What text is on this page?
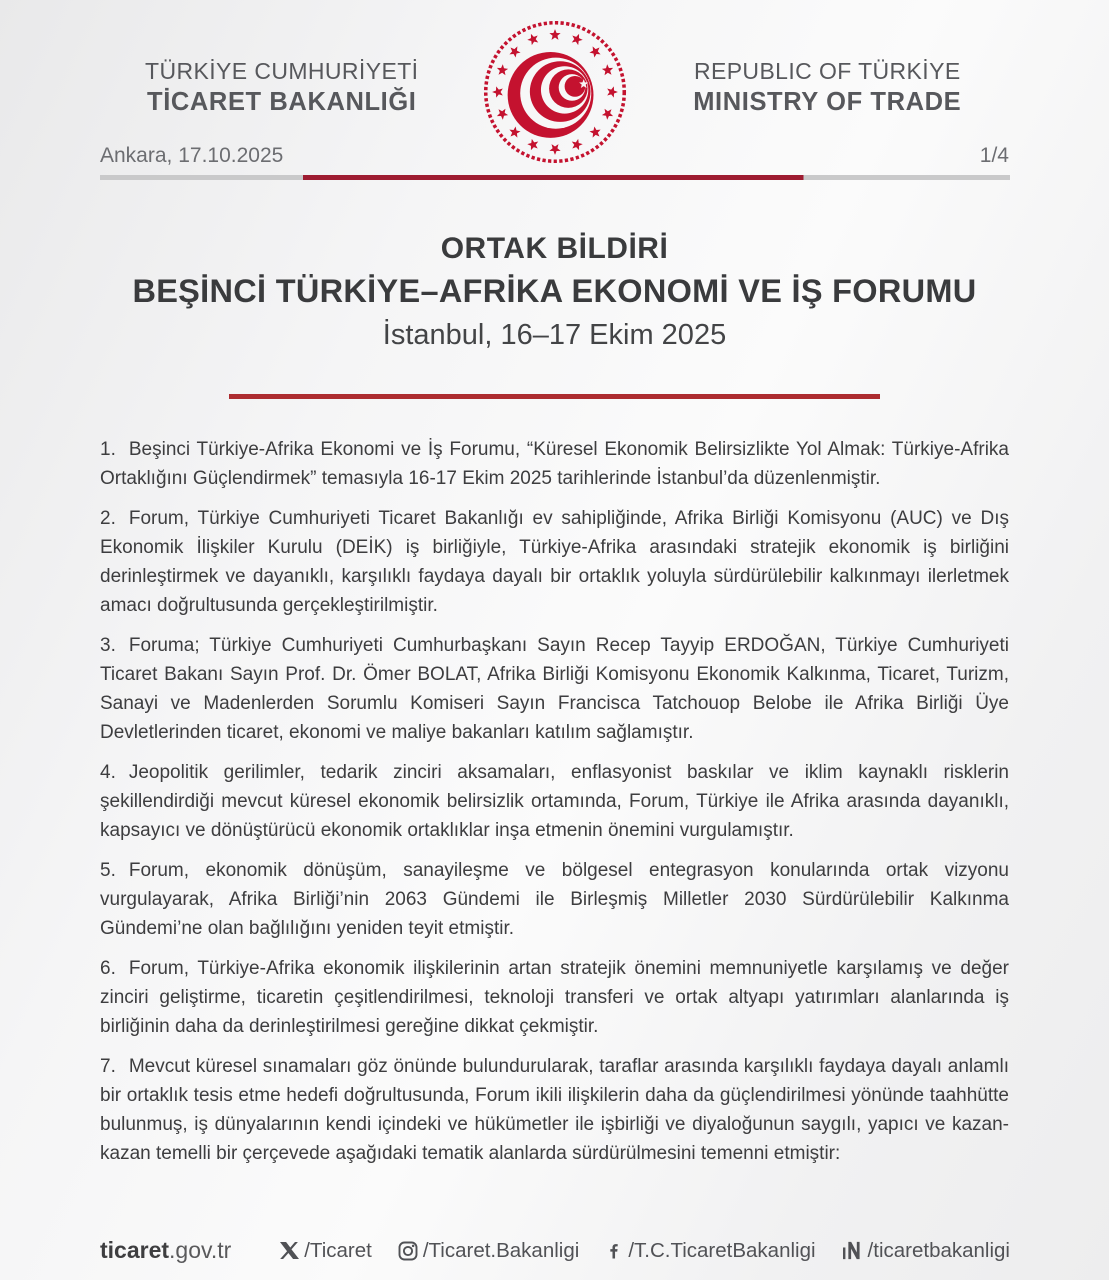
TÜRKİYE CUMHURİYETİ
TİCARET BAKANLIĞI
REPUBLIC OF TÜRKİYE
MINISTRY OF TRADE
Ankara, 17.10.2025	1/4
ORTAK BİLDİRİ
BEŞİNCİ TÜRKİYE–AFRİKA EKONOMİ VE İŞ FORUMU
İstanbul, 16–17 Ekim 2025

1. Beşinci Türkiye-Afrika Ekonomi ve İş Forumu, “Küresel Ekonomik Belirsizlikte Yol Almak: Türkiye-Afrika Ortaklığını Güçlendirmek” temasıyla 16-17 Ekim 2025 tarihlerinde İstanbul’da düzenlenmiştir.

2. Forum, Türkiye Cumhuriyeti Ticaret Bakanlığı ev sahipliğinde, Afrika Birliği Komisyonu (AUC) ve Dış Ekonomik İlişkiler Kurulu (DEİK) iş birliğiyle, Türkiye-Afrika arasındaki stratejik ekonomik iş birliğini derinleştirmek ve dayanıklı, karşılıklı faydaya dayalı bir ortaklık yoluyla sürdürülebilir kalkınmayı ilerletmek amacı doğrultusunda gerçekleştirilmiştir.

3. Foruma; Türkiye Cumhuriyeti Cumhurbaşkanı Sayın Recep Tayyip ERDOĞAN, Türkiye Cumhuriyeti Ticaret Bakanı Sayın Prof. Dr. Ömer BOLAT, Afrika Birliği Komisyonu Ekonomik Kalkınma, Ticaret, Turizm, Sanayi ve Madenlerden Sorumlu Komiseri Sayın Francisca Tatchouop Belobe ile Afrika Birliği Üye Devletlerinden ticaret, ekonomi ve maliye bakanları katılım sağlamıştır.

4. Jeopolitik gerilimler, tedarik zinciri aksamaları, enflasyonist baskılar ve iklim kaynaklı risklerin şekillendirdiği mevcut küresel ekonomik belirsizlik ortamında, Forum, Türkiye ile Afrika arasında dayanıklı, kapsayıcı ve dönüştürücü ekonomik ortaklıklar inşa etmenin önemini vurgulamıştır.

5. Forum, ekonomik dönüşüm, sanayileşme ve bölgesel entegrasyon konularında ortak vizyonu vurgulayarak, Afrika Birliği’nin 2063 Gündemi ile Birleşmiş Milletler 2030 Sürdürülebilir Kalkınma Gündemi’ne olan bağlılığını yeniden teyit etmiştir.

6. Forum, Türkiye-Afrika ekonomik ilişkilerinin artan stratejik önemini memnuniyetle karşılamış ve değer zinciri geliştirme, ticaretin çeşitlendirilmesi, teknoloji transferi ve ortak altyapı yatırımları alanlarında iş birliğinin daha da derinleştirilmesi gereğine dikkat çekmiştir.

7. Mevcut küresel sınamaları göz önünde bulundurularak, taraflar arasında karşılıklı faydaya dayalı anlamlı bir ortaklık tesis etme hedefi doğrultusunda, Forum ikili ilişkilerin daha da güçlendirilmesi yönünde taahhütte bulunmuş, iş dünyalarının kendi içindeki ve hükümetler ile işbirliği ve diyaloğunun saygılı, yapıcı ve kazan-kazan temelli bir çerçevede aşağıdaki tematik alanlarda sürdürülmesini temenni etmiştir:

ticaret.gov.tr	/Ticaret /Ticaret.Bakanligi /T.C.TicaretBakanligi	/ticaretbakanligi
